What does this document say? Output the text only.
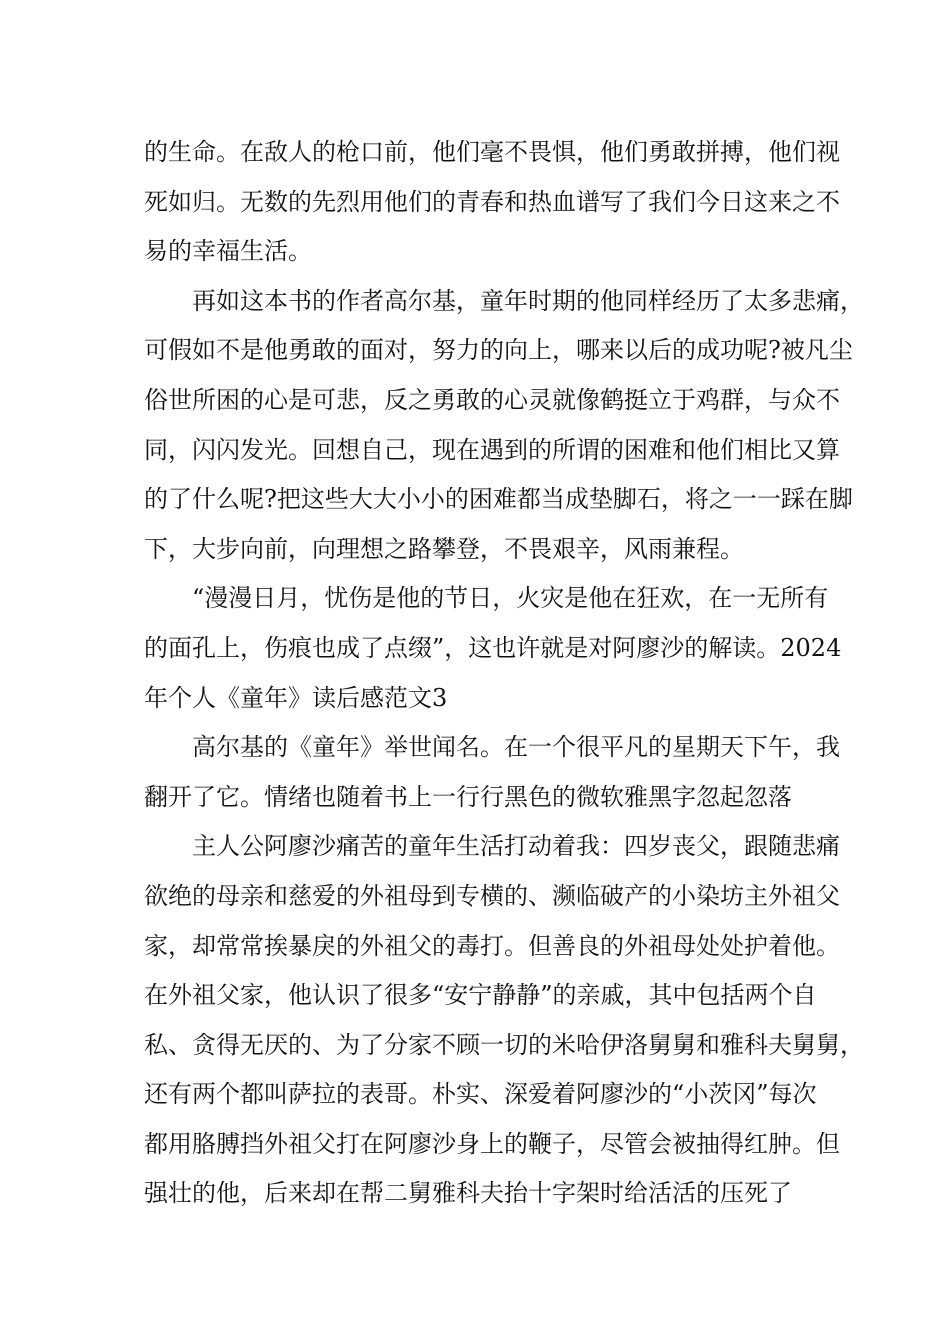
的生命。在敌人的枪口前，他们毫不畏惧，他们勇敢拼搏，他们视
死如归。无数的先烈用他们的青春和热血谱写了我们今日这来之不
易的幸福生活。
再如这本书的作者高尔基，童年时期的他同样经历了太多悲痛，
可假如不是他勇敢的面对，努力的向上，哪来以后的成功呢?被凡尘
俗世所困的心是可悲，反之勇敢的心灵就像鹤挺立于鸡群，与众不
同，闪闪发光。回想自己，现在遇到的所谓的困难和他们相比又算
的了什么呢?把这些大大小小的困难都当成垫脚石，将之一一踩在脚
下，大步向前，向理想之路攀登，不畏艰辛，风雨兼程。
“漫漫日月，忧伤是他的节日，火灾是他在狂欢，在一无所有
的面孔上，伤痕也成了点缀”，这也许就是对阿廖沙的解读。2024
年个人《童年》读后感范文3
高尔基的《童年》举世闻名。在一个很平凡的星期天下午，我
翻开了它。情绪也随着书上一行行黑色的微软雅黑字忽起忽落
主人公阿廖沙痛苦的童年生活打动着我：四岁丧父，跟随悲痛
欲绝的母亲和慈爱的外祖母到专横的、濒临破产的小染坊主外祖父
家，却常常挨暴戾的外祖父的毒打。但善良的外祖母处处护着他。
在外祖父家，他认识了很多“安宁静静”的亲戚，其中包括两个自
私、贪得无厌的、为了分家不顾一切的米哈伊洛舅舅和雅科夫舅舅，
还有两个都叫萨拉的表哥。朴实、深爱着阿廖沙的“小茨冈”每次
都用胳膊挡外祖父打在阿廖沙身上的鞭子，尽管会被抽得红肿。但
强壮的他，后来却在帮二舅雅科夫抬十字架时给活活的压死了
